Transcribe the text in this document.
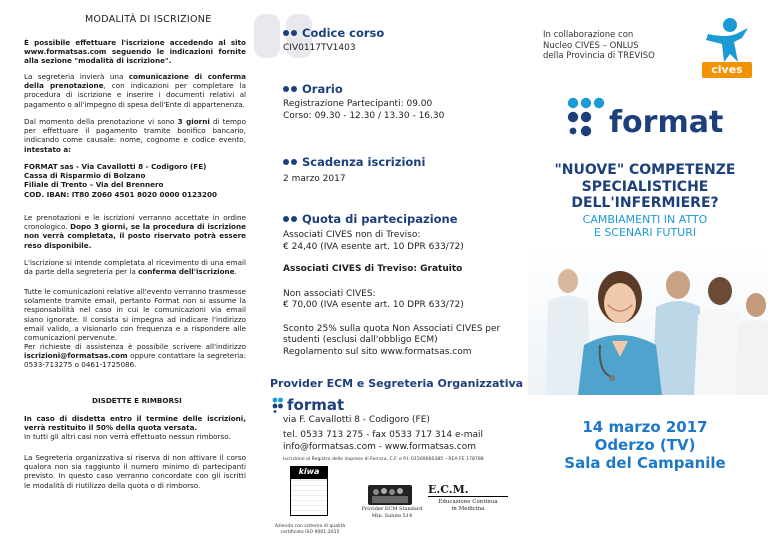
MODALITÀ DI ISCRIZIONE
È possibile effettuare l'iscrizione accedendo al sito www.formatsas.com seguendo le indicazioni fornite alla sezione "modalità di iscrizione".
La segreteria invierà una comunicazione di conferma della prenotazione, con indicazioni per completare la procedura di iscrizione e inserire i documenti relativi al pagamento o all'impegno di spesa dell'Ente di appartenenza.
Dal momento della prenotazione vi sono 3 giorni di tempo per effettuare il pagamento tramite bonifico bancario, indicando come causale: nome, cognome e codice evento, intestato a:
FORMAT sas - Via Cavallotti 8 - Codigoro (FE)
Cassa di Risparmio di Bolzano
Filiale di Trento – Via del Brennero
COD. IBAN: IT80 Z060 4501 8020 0000 0123200
Le prenotazioni e le iscrizioni verranno accettate in ordine cronologico. Dopo 3 giorni, se la procedura di iscrizione non verrà completata, il posto riservato potrà essere reso disponibile.
L'iscrizione si intende completata al ricevimento di una email da parte della segreteria per la conferma dell'iscrizione.
Tutte le comunicazioni relative all'evento verranno trasmesse solamente tramite email, pertanto Format non si assume la responsabilità nel caso in cui le comunicazioni via email siano ignorate. Il corsista si impegna ad indicare l'indirizzo email valido, a visionarlo con frequenza e a rispondere alle comunicazioni pervenute.
Per richieste di assistenza è possibile scrivere all'indirizzo iscrizioni@formatsas.com oppure contattare la segreteria: 0533-713275 o 0461-1725086.
DISDETTE E RIMBORSI
In caso di disdetta entro il termine delle iscrizioni, verrà restituito il 50% della quota versata.
In tutti gli altri casi non verrà effettuato nessun rimborso.
La Segreteria organizzativa si riserva di non attivare il corso qualora non sia raggiunto il numero minimo di partecipanti previsto. In questo caso verranno concordate con gli iscritti le modalità di riutilizzo della quota o di rimborso.
Codice corso
CIV0117TV1403
Orario
Registrazione Partecipanti: 09.00
Corso: 09.30 - 12.30 / 13.30 - 16.30
Scadenza iscrizioni
2 marzo 2017
Quota di partecipazione
Associati CIVES non di Treviso:
€ 24,40 (IVA esente art. 10 DPR 633/72)
Associati CIVES di Treviso: Gratuito
Non associati CIVES:
€ 70,00 (IVA esente art. 10 DPR 633/72)
Sconto 25% sulla quota Non Associati CIVES per
studenti (esclusi dall'obbligo ECM)
Regolamento sul sito www.formatsas.com
Provider ECM e Segreteria Organizzativa
format
via F. Cavallotti 8 - Codigoro (FE)
tel. 0533 713 275 - fax 0533 717 314 e-mail
info@formatsas.com - www.formatsas.com
Iscrizione al Registro delle imprese di Ferrara, C.F. e P.I. 01569060385 – REA FE 178788
kiwa
Azienda con sistema di qualità
certificato ISO 9001:2015
Provider ECM Standard
Min. Salute 514
E.C.M.
Educazione Continua
in Medicina
In collaborazione con
Nucleo CIVES – ONLUS
della Provincia di TREVISO
cives
format
"NUOVE" COMPETENZE
SPECIALISTICHE
DELL'INFERMIERE?
CAMBIAMENTI IN ATTO
E SCENARI FUTURI
14 marzo 2017
Oderzo (TV)
Sala del Campanile
